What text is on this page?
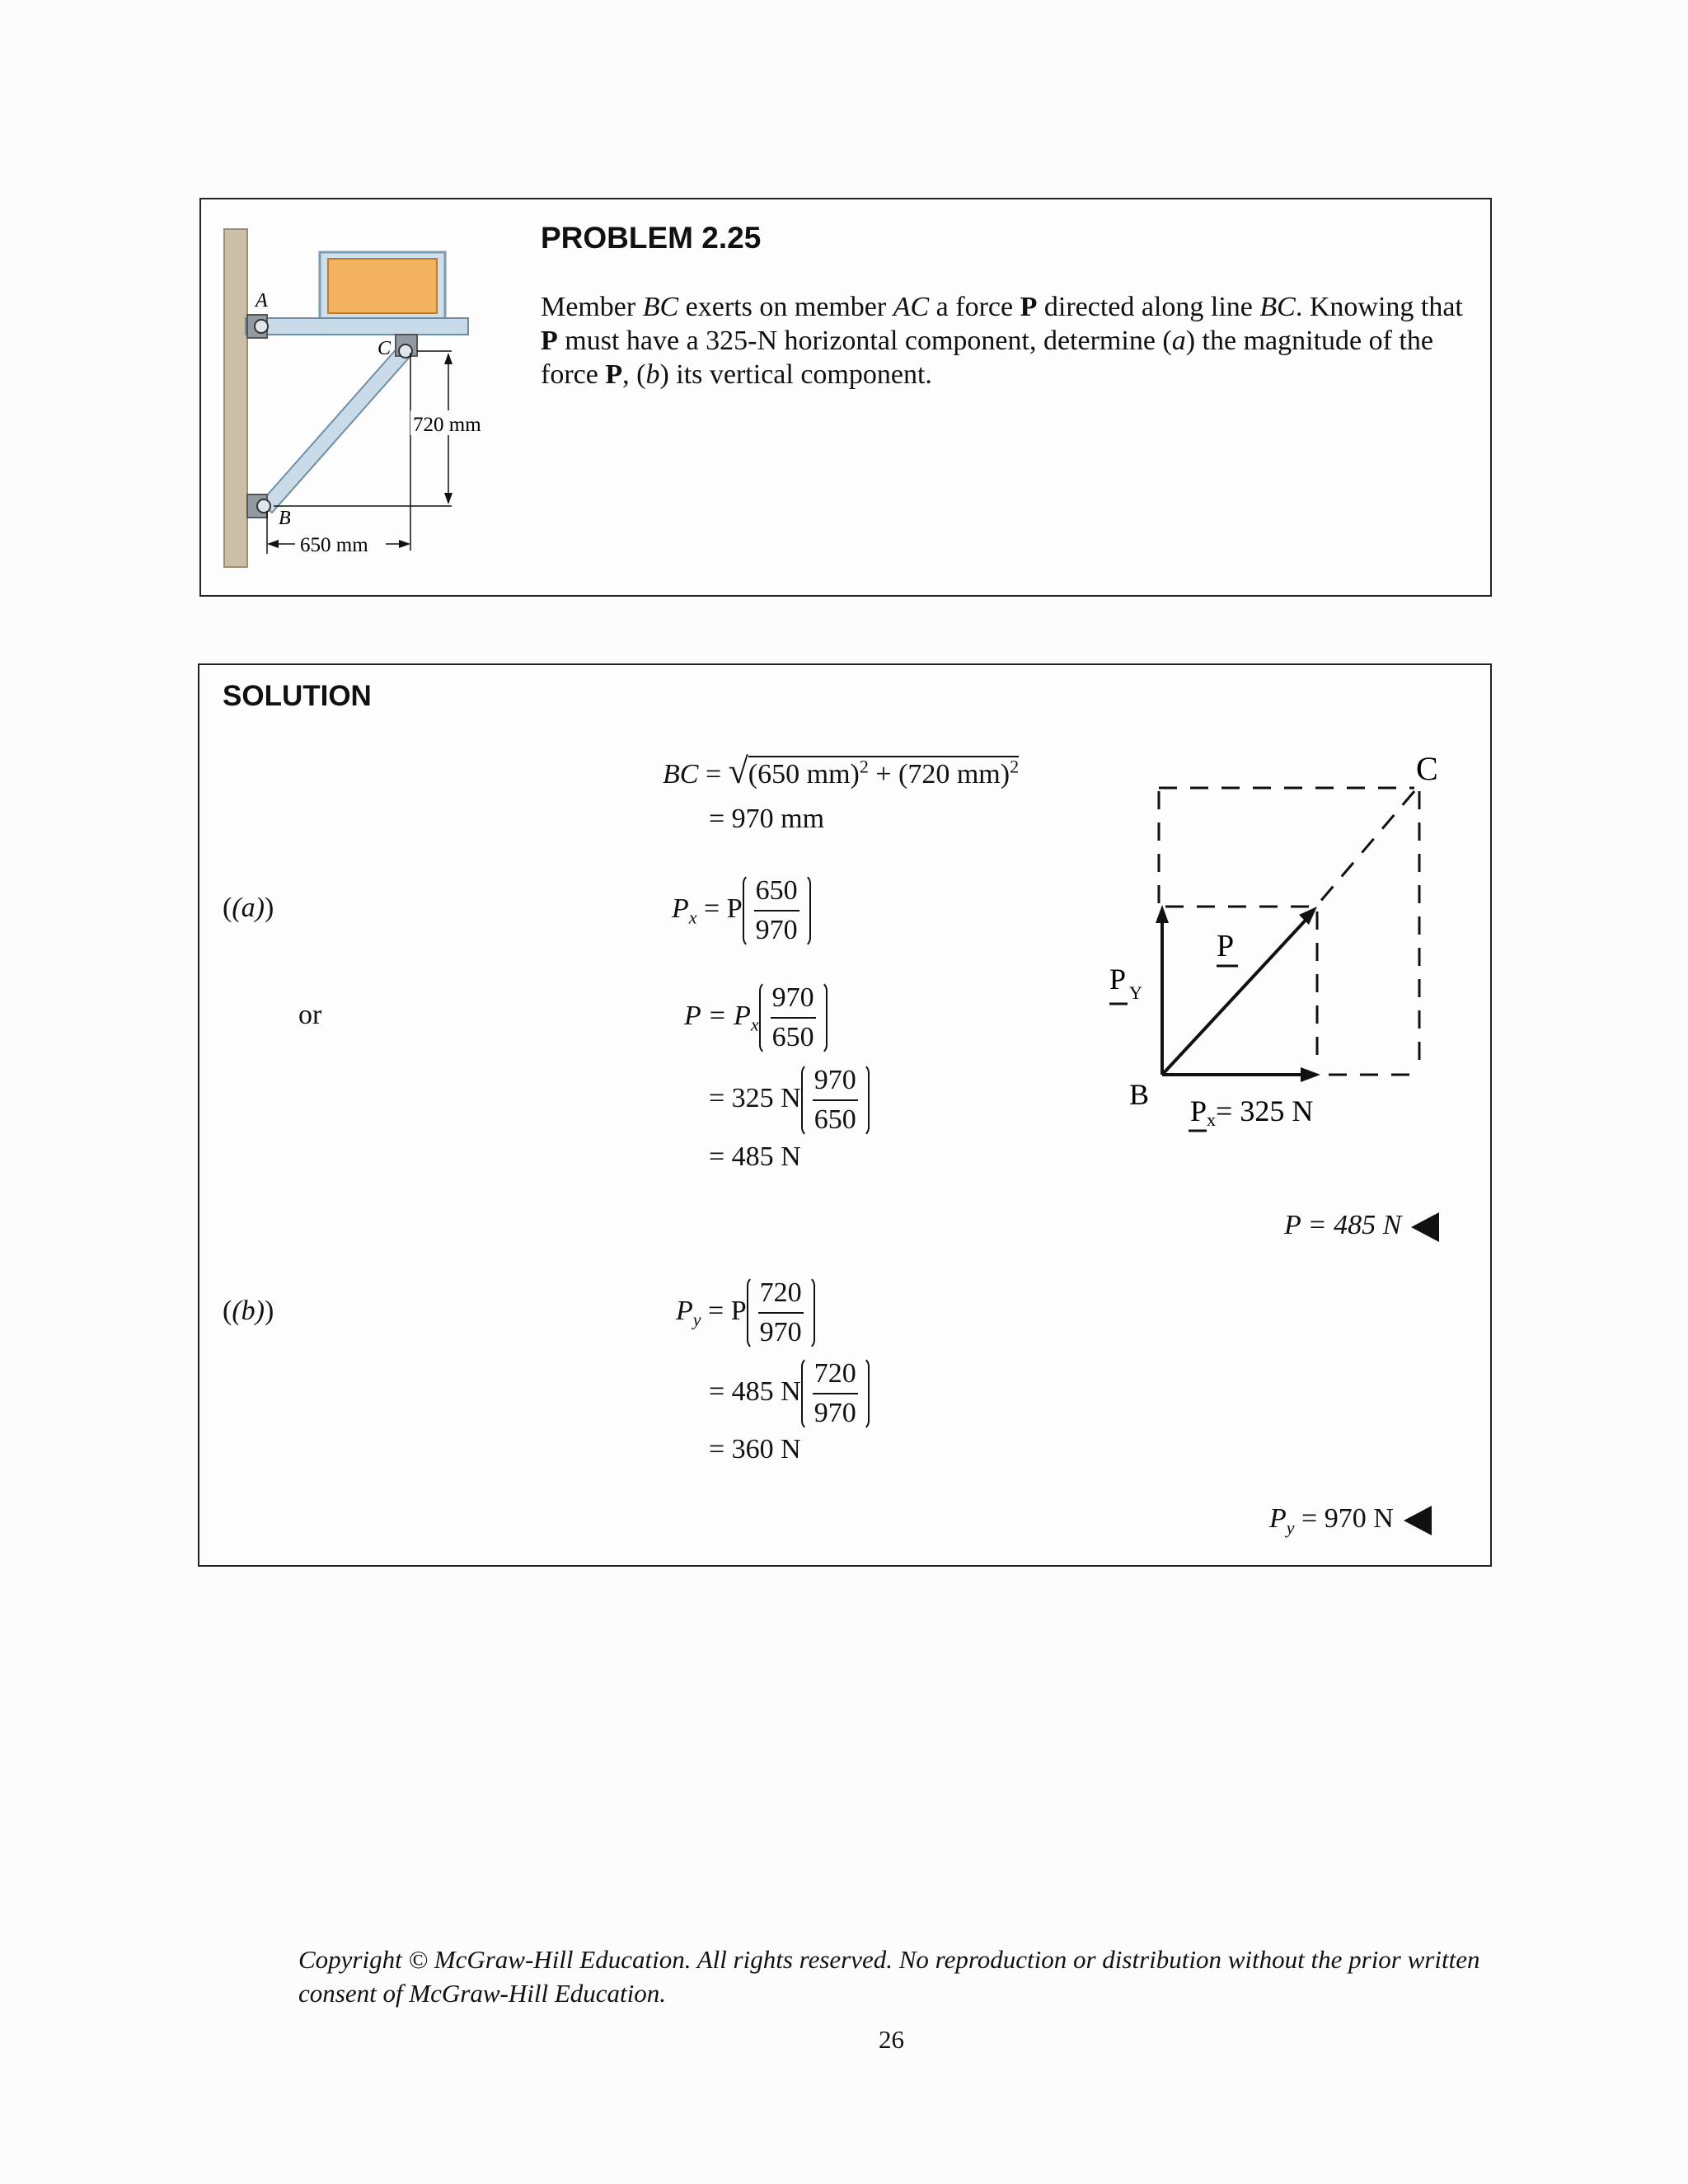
A
C
B
720 mm
650 mm
PROBLEM 2.25
Member BC exerts on member AC a force P directed along line BC. Knowing that P must have a 325-N horizontal component, determine (a) the magnitude of the force P, (b) its vertical component.
SOLUTION
BC = √(650 mm)$^2$ + (720 mm)$^2$
= 970 mm
((a))	$P_x = P \frac{650}{970}$
or	$P = P_x \frac{970}{650}$
= 325 N $\frac{970}{650}$
= 485 N
P = 485 N
((b))	$P_y = P \frac{720}{970}$
= 485 N $\frac{720}{970}$
= 360 N
$P_y = 970$ N
C
B
P
P Y
Px= 325 N
Copyright © McGraw-Hill Education. All rights reserved. No reproduction or distribution without the prior written consent of McGraw-Hill Education.
26
